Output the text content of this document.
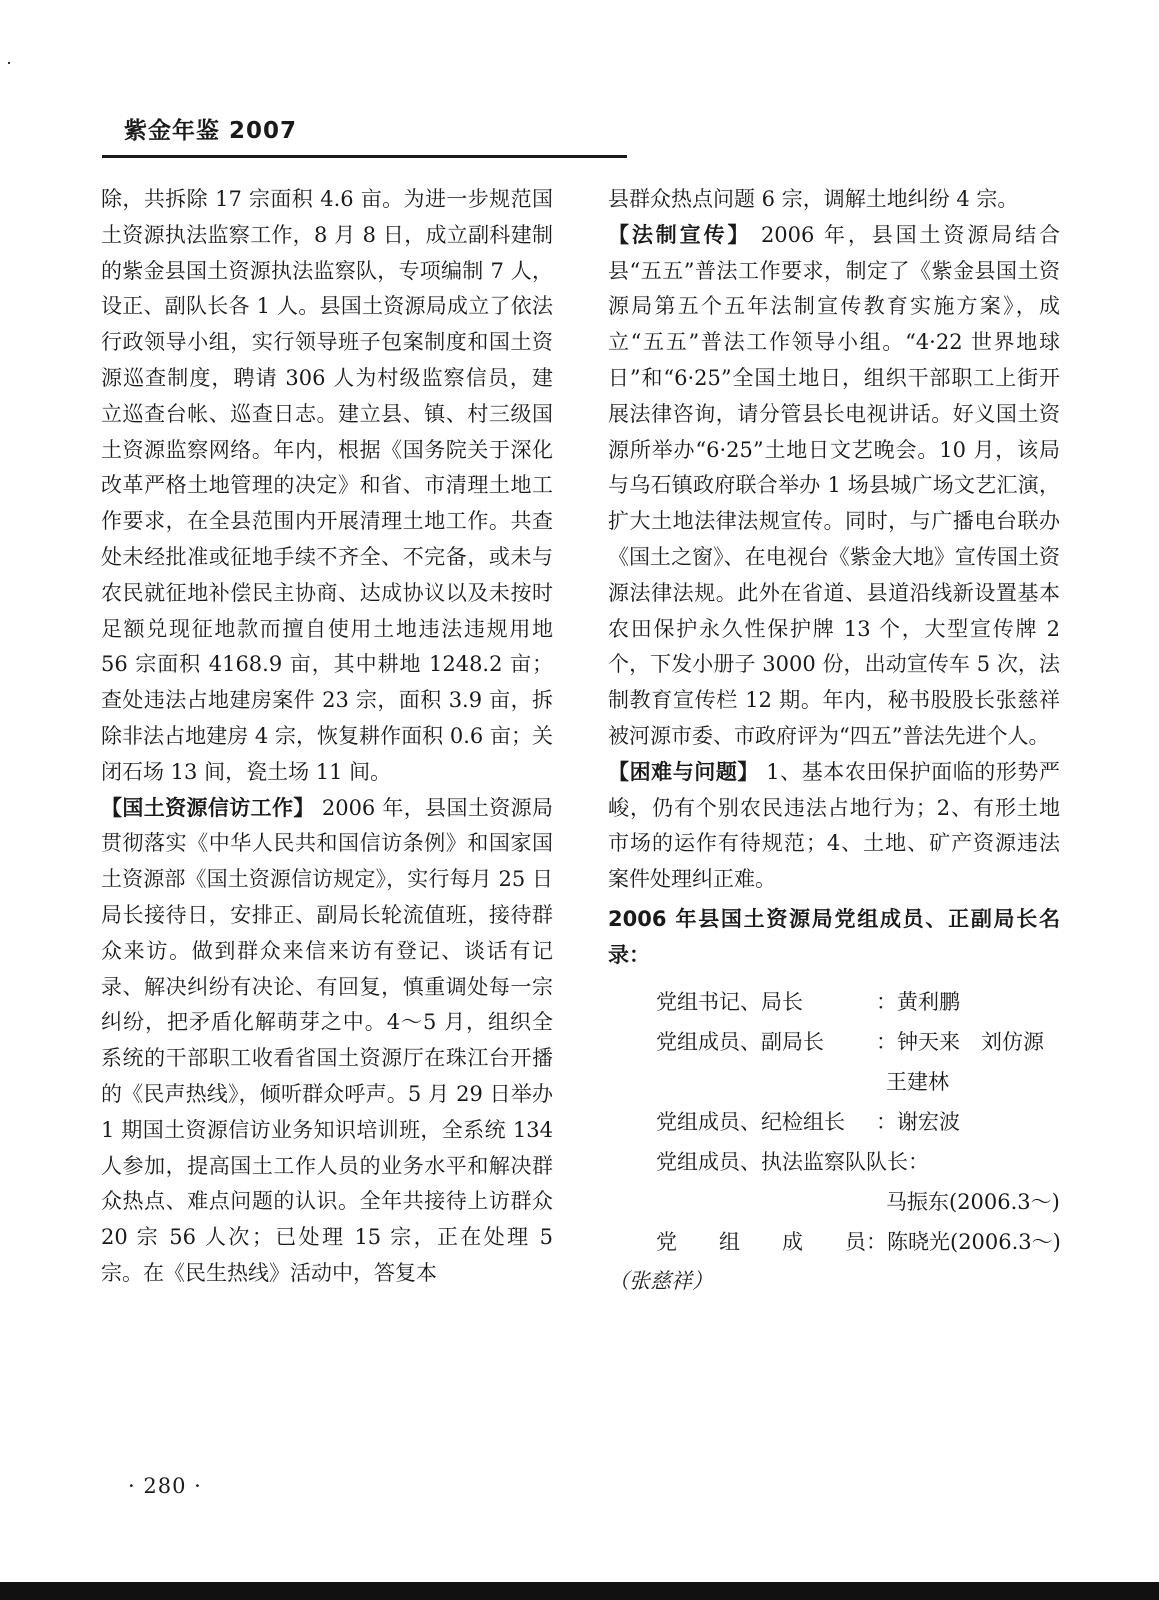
紫金年鉴 2007

除，共拆除 17 宗面积 4.6 亩。为进一步规范国土资源执法监察工作，8 月 8 日，成立副科建制的紫金县国土资源执法监察队，专项编制 7 人，设正、副队长各 1 人。县国土资源局成立了依法行政领导小组，实行领导班子包案制度和国土资源巡查制度，聘请 306 人为村级监察信员，建立巡查台帐、巡查日志。建立县、镇、村三级国土资源监察网络。年内，根据《国务院关于深化改革严格土地管理的决定》和省、市清理土地工作要求，在全县范围内开展清理土地工作。共查处未经批准或征地手续不齐全、不完备，或未与农民就征地补偿民主协商、达成协议以及未按时足额兑现征地款而擅自使用土地违法违规用地 56 宗面积 4168.9 亩，其中耕地 1248.2 亩；查处违法占地建房案件 23 宗，面积 3.9 亩，拆除非法占地建房 4 宗，恢复耕作面积 0.6 亩；关闭石场 13 间，瓷土场 11 间。

【国土资源信访工作】 2006 年，县国土资源局贯彻落实《中华人民共和国信访条例》和国家国土资源部《国土资源信访规定》，实行每月 25 日局长接待日，安排正、副局长轮流值班，接待群众来访。做到群众来信来访有登记、谈话有记录、解决纠纷有决论、有回复，慎重调处每一宗纠纷，把矛盾化解萌芽之中。4～5 月，组织全系统的干部职工收看省国土资源厅在珠江台开播的《民声热线》，倾听群众呼声。5 月 29 日举办 1 期国土资源信访业务知识培训班，全系统 134 人参加，提高国土工作人员的业务水平和解决群众热点、难点问题的认识。全年共接待上访群众 20 宗 56 人次；已处理 15 宗，正在处理 5 宗。在《民生热线》活动中，答复本

县群众热点问题 6 宗，调解土地纠纷 4 宗。

【法制宣传】 2006 年，县国土资源局结合县“五五”普法工作要求，制定了《紫金县国土资源局第五个五年法制宣传教育实施方案》，成立“五五”普法工作领导小组。“4·22 世界地球日”和“6·25”全国土地日，组织干部职工上街开展法律咨询，请分管县长电视讲话。好义国土资源所举办“6·25”土地日文艺晚会。10 月，该局与乌石镇政府联合举办 1 场县城广场文艺汇演，扩大土地法律法规宣传。同时，与广播电台联办《国土之窗》、在电视台《紫金大地》宣传国土资源法律法规。此外在省道、县道沿线新设置基本农田保护永久性保护牌 13 个，大型宣传牌 2 个，下发小册子 3000 份，出动宣传车 5 次，法制教育宣传栏 12 期。年内，秘书股股长张慈祥被河源市委、市政府评为“四五”普法先进个人。

【困难与问题】 1、基本农田保护面临的形势严峻，仍有个别农民违法占地行为；2、有形土地市场的运作有待规范；4、土地、矿产资源违法案件处理纠正难。

2006 年县国土资源局党组成员、正副局长名录：

党组书记、局长	： 黄利鹏
党组成员、副局长	： 钟天来　刘仿源
王建林
党组成员、纪检组长	： 谢宏波
党组成员、执法监察队队长：
马振东(2006.3～)
党 组 成 员 ： 陈晓光(2006.3～)

（张慈祥）

· 280 ·
